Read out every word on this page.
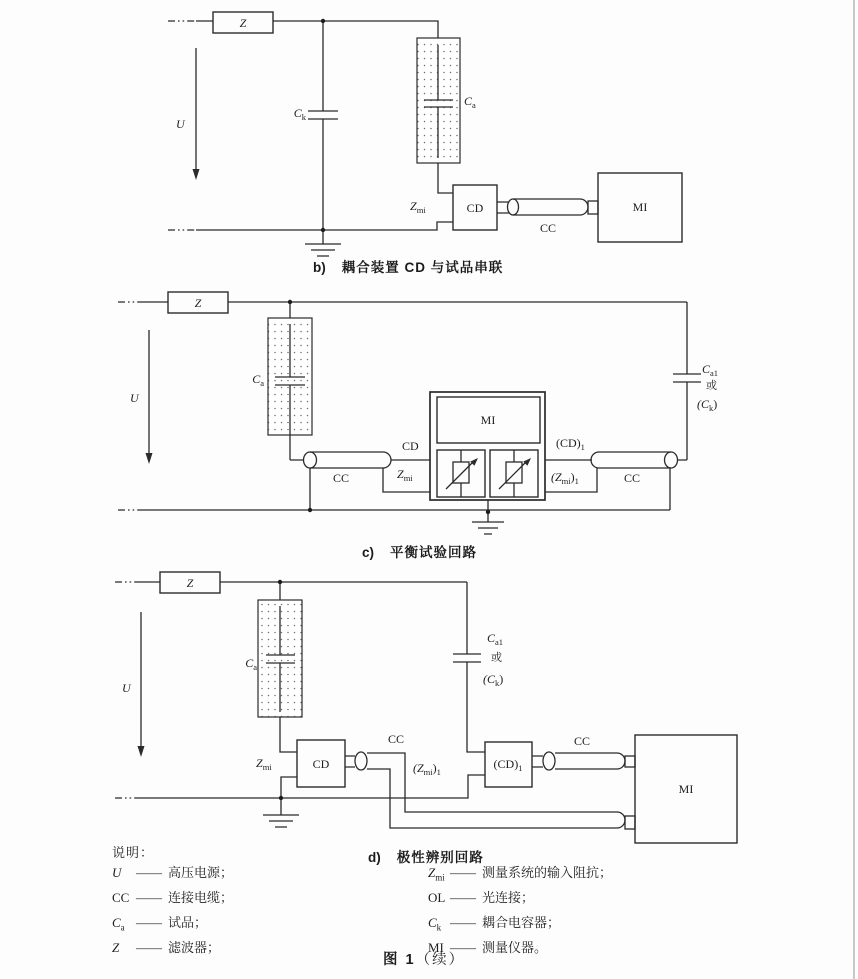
Z
U
$C_k$
$C_a$
$Z_{mi}$	CD
CC
MI
Z
U
$C_a$
CC
CD
$Z_{mi}$
MI
$(CD)_1$
$(Z_{mi})_1$	CC
$C_{a1}$
或
$(C_k)$
Z
U
$C_a$
$Z_{mi}$	CD
CC
$(Z_{mi})_1$
$C_{a1}$
或
$(C_k)$
$(CD)_1$
CC
MI
b) 耦合装置 CD 与试品串联
c) 平衡试验回路
d) 极性辨别回路
说明：
U —— 高压电源；
CC —— 连接电缆；
$C_a$ —— 试品；
Z —— 滤波器；
$Z_{mi}$ —— 测量系统的输入阻抗；
OL —— 光连接；
$C_k$ —— 耦合电容器；
MI —— 测量仪器。
图 1（续）
